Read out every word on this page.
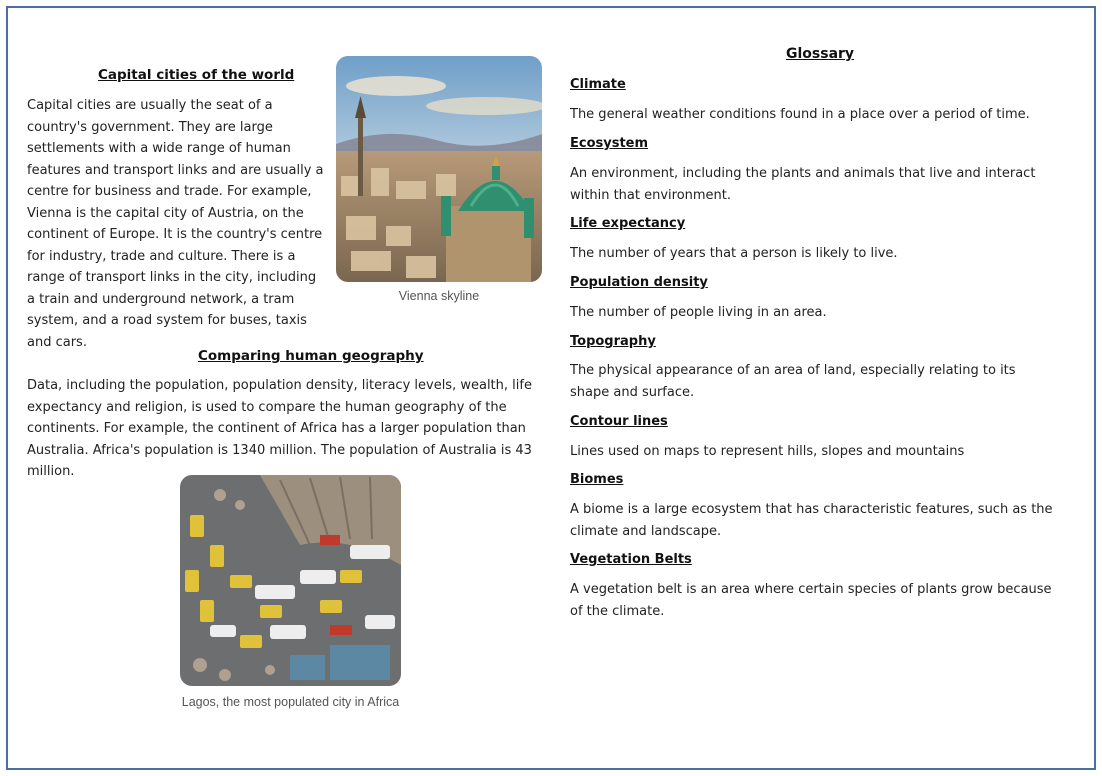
Capital cities of the world

Capital cities are usually the seat of a country's government. They are large settlements with a wide range of human features and transport links and are usually a centre for business and trade. For example, Vienna is the capital city of Austria, on the continent of Europe. It is the country's centre for industry, trade and culture. There is a range of transport links in the city, including a train and underground network, a tram system, and a road system for buses, taxis and cars.

Vienna skyline
Comparing human geography

Data, including the population, population density, literacy levels, wealth, life expectancy and religion, is used to compare the human geography of the continents. For example, the continent of Africa has a larger population than Australia. Africa's population is 1340 million. The population of Australia is 43 million.

Lagos, the most populated city in Africa
Glossary
Climate
The general weather conditions found in a place over a period of time.
Ecosystem
An environment, including the plants and animals that live and interact within that environment.
Life expectancy
The number of years that a person is likely to live.
Population density
The number of people living in an area.
Topography
The physical appearance of an area of land, especially relating to its shape and surface.
Contour lines
Lines used on maps to represent hills, slopes and mountains
Biomes
A biome is a large ecosystem that has characteristic features, such as the climate and landscape.
Vegetation Belts
A vegetation belt is an area where certain species of plants grow because of the climate.
